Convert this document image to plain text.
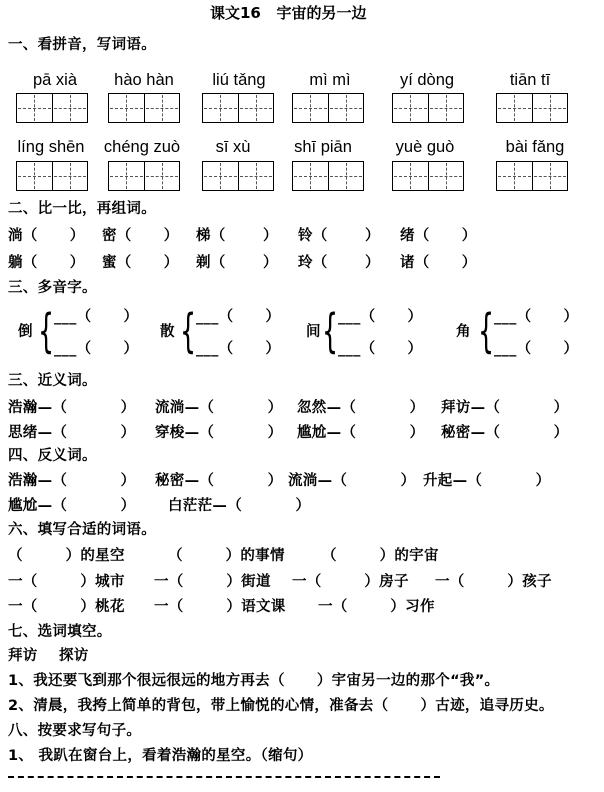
课文16   宇宙的另一边
一、看拼音，写词语。
pā xià	hào hàn	liú tǎng	mì mì	yí dòng	tiān tī
líng shēn	chéng zuò	sī xù	shī piān	yuè guò	bài fǎng
二、比一比，再组词。
淌（      ） 密（      ） 梯（       ） 铃（       ） 绪（      ）
躺（      ） 蜜（      ） 剃（       ） 玲（       ） 诸（      ）
三、多音字。
倒 { ___（      ）
___（      ）
散 { ___（      ）
___（      ）
间 { ___（      ）
___（      ）
角 { ___（      ）
___（      ）
三、近义词。
浩瀚—（          ） 流淌—（          ） 忽然—（          ） 拜访—（          ）
思绪—（          ） 穿梭—（          ） 尴尬—（          ） 秘密—（          ）
四、反义词。
浩瀚—（          ） 秘密—（          ） 流淌—（          ） 升起—（          ）
尴尬—（          ） 白茫茫—（          ）
六、填写合适的词语。
（        ）的星空	（        ）的事情	（        ）的宇宙
一（        ）城市 一（        ）街道 一（        ）房子 一（        ）孩子
一（        ）桃花 一（        ）语文课 一（        ）习作
七、选词填空。
拜访    探访
1、我还要飞到那个很远很远的地方再去（      ）宇宙另一边的那个“我”。
2、清晨，我挎上简单的背包，带上愉悦的心情，准备去（      ）古迹，追寻历史。
八、按要求写句子。
1、 我趴在窗台上，看着浩瀚的星空。（缩句）
